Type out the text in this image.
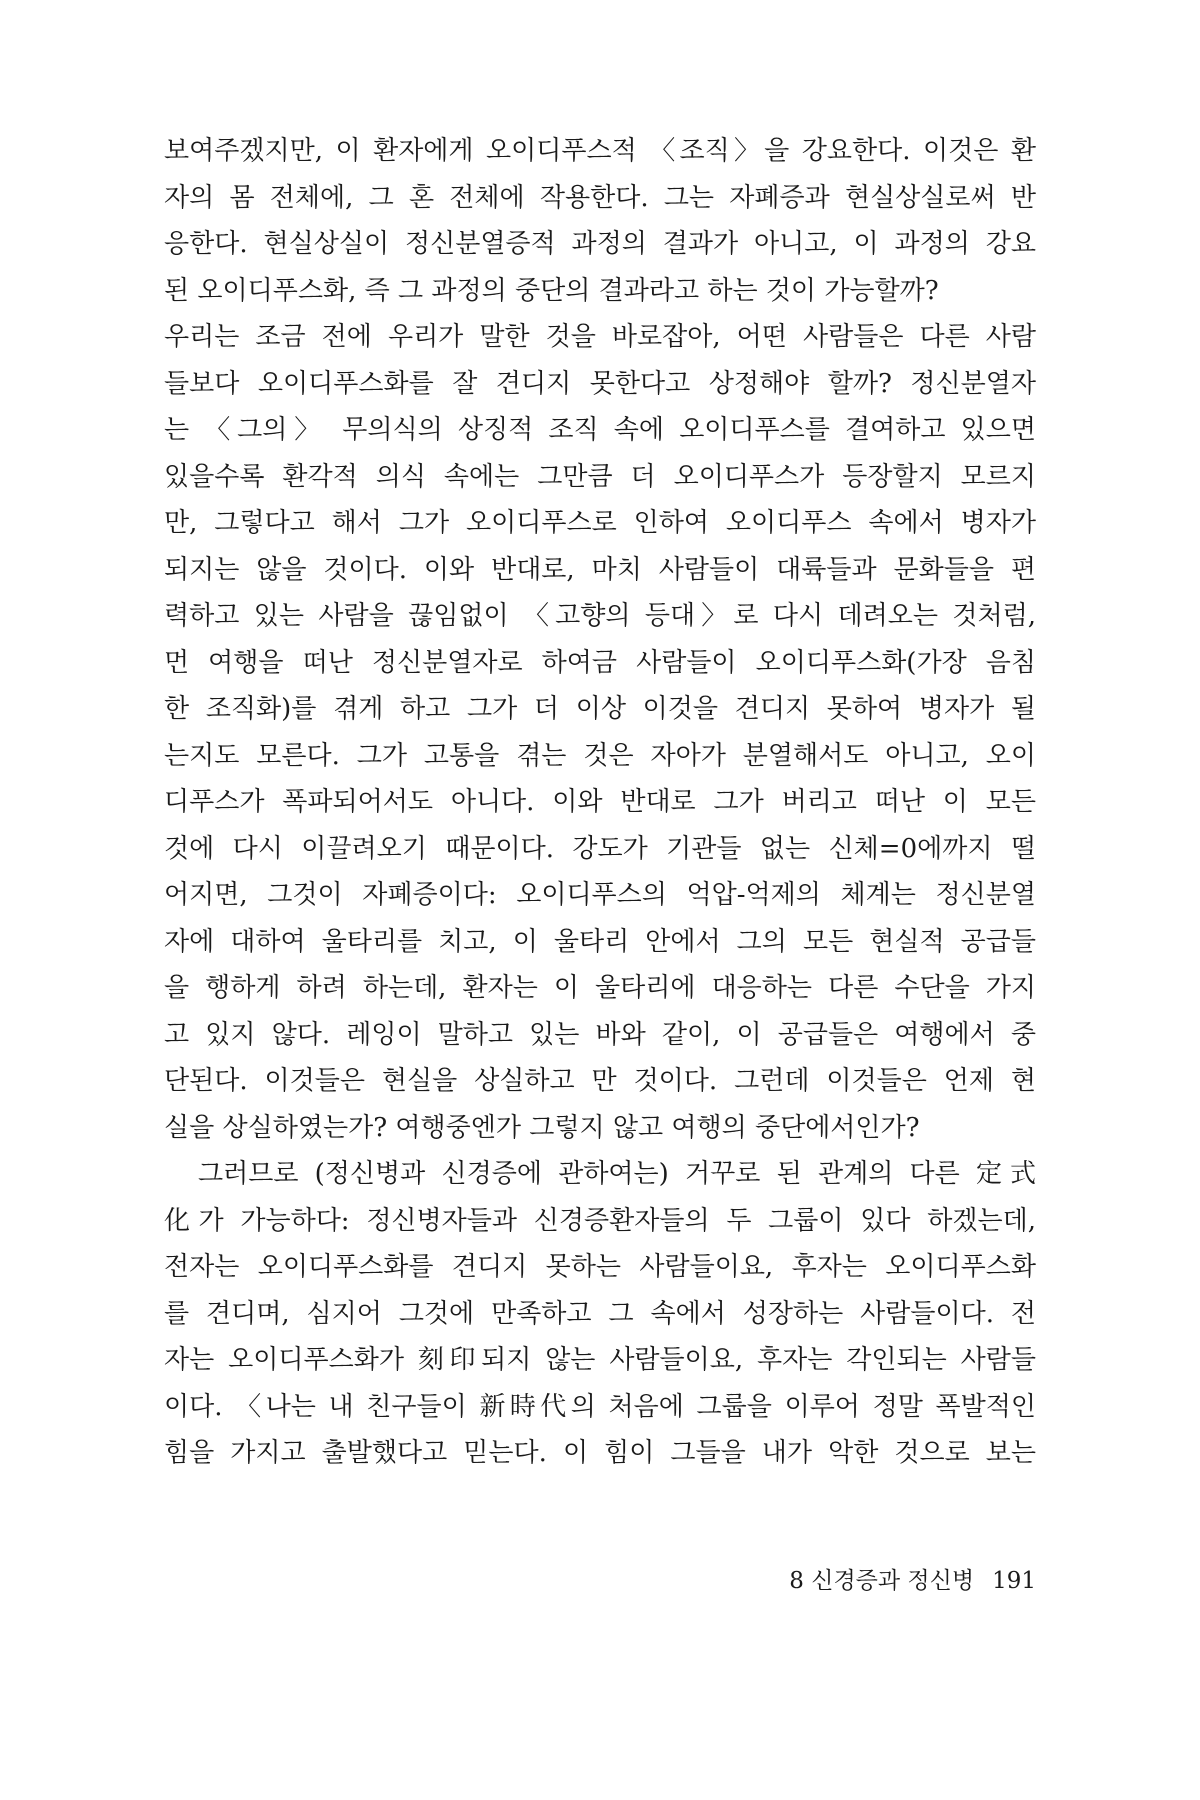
보여주겠지만, 이 환자에게 오이디푸스적 〈조직〉을 강요한다. 이것은 환
자의 몸 전체에, 그 혼 전체에 작용한다. 그는 자폐증과 현실상실로써 반
응한다. 현실상실이 정신분열증적 과정의 결과가 아니고, 이 과정의 강요
된 오이디푸스화, 즉 그 과정의 중단의 결과라고 하는 것이 가능할까?
우리는 조금 전에 우리가 말한 것을 바로잡아, 어떤 사람들은 다른 사람
들보다 오이디푸스화를 잘 견디지 못한다고 상정해야 할까? 정신분열자
는 〈그의〉 무의식의 상징적 조직 속에 오이디푸스를 결여하고 있으면
있을수록 환각적 의식 속에는 그만큼 더 오이디푸스가 등장할지 모르지
만, 그렇다고 해서 그가 오이디푸스로 인하여 오이디푸스 속에서 병자가
되지는 않을 것이다. 이와 반대로, 마치 사람들이 대륙들과 문화들을 편
력하고 있는 사람을 끊임없이 〈고향의 등대〉로 다시 데려오는 것처럼,
먼 여행을 떠난 정신분열자로 하여금 사람들이 오이디푸스화(가장 음침
한 조직화)를 겪게 하고 그가 더 이상 이것을 견디지 못하여 병자가 될
는지도 모른다. 그가 고통을 겪는 것은 자아가 분열해서도 아니고, 오이
디푸스가 폭파되어서도 아니다. 이와 반대로 그가 버리고 떠난 이 모든
것에 다시 이끌려오기 때문이다. 강도가 기관들 없는 신체=0에까지 떨
어지면, 그것이 자폐증이다: 오이디푸스의 억압-억제의 체계는 정신분열
자에 대하여 울타리를 치고, 이 울타리 안에서 그의 모든 현실적 공급들
을 행하게 하려 하는데, 환자는 이 울타리에 대응하는 다른 수단을 가지
고 있지 않다. 레잉이 말하고 있는 바와 같이, 이 공급들은 여행에서 중
단된다. 이것들은 현실을 상실하고 만 것이다. 그런데 이것들은 언제 현
실을 상실하였는가? 여행중엔가 그렇지 않고 여행의 중단에서인가?
　그러므로 (정신병과 신경증에 관하여는) 거꾸로 된 관계의 다른 定式
化가 가능하다: 정신병자들과 신경증환자들의 두 그룹이 있다 하겠는데,
전자는 오이디푸스화를 견디지 못하는 사람들이요, 후자는 오이디푸스화
를 견디며, 심지어 그것에 만족하고 그 속에서 성장하는 사람들이다. 전
자는 오이디푸스화가 刻印되지 않는 사람들이요, 후자는 각인되는 사람들
이다. 〈나는 내 친구들이 新時代의 처음에 그룹을 이루어 정말 폭발적인
힘을 가지고 출발했다고 믿는다. 이 힘이 그들을 내가 악한 것으로 보는
8 신경증과 정신병 191
